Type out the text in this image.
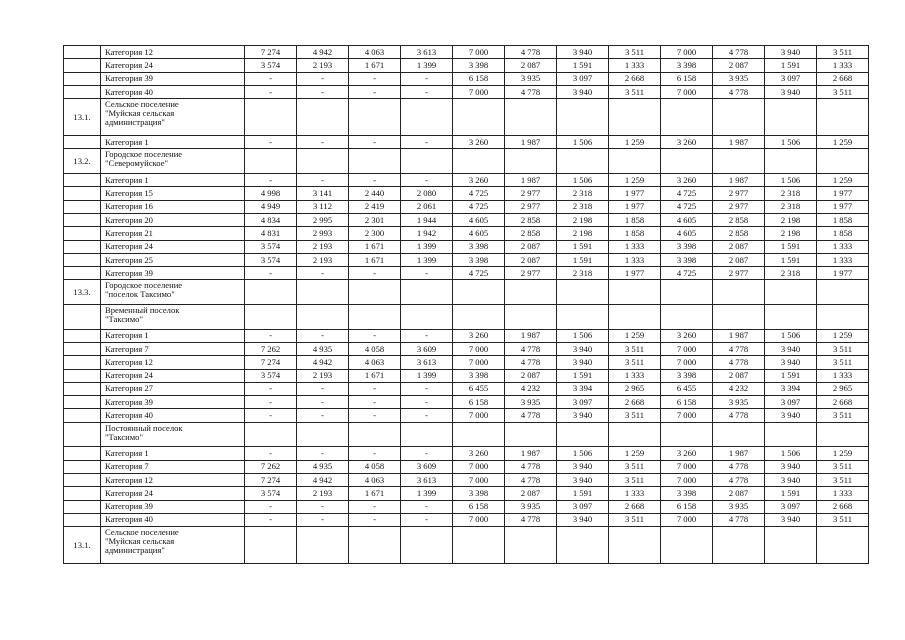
	Категория 12	7 274	4 942	4 063	3 613	7 000	4 778	3 940	3 511	7 000	4 778	3 940	3 511
	Категория 24	3 574	2 193	1 671	1 399	3 398	2 087	1 591	1 333	3 398	2 087	1 591	1 333
	Категория 39	-	-	-	-	6 158	3 935	3 097	2 668	6 158	3 935	3 097	2 668
	Категория 40	-	-	-	-	7 000	4 778	3 940	3 511	7 000	4 778	3 940	3 511
13.1.	Сельское поселение
"Муйская сельская
администрация"												
	Категория 1	-	-	-	-	3 260	1 987	1 506	1 259	3 260	1 987	1 506	1 259
13.2.	Городское поселение
"Северомуйское"												
	Категория 1	-	-	-	-	3 260	1 987	1 506	1 259	3 260	1 987	1 506	1 259
	Категория 15	4 998	3 141	2 440	2 080	4 725	2 977	2 318	1 977	4 725	2 977	2 318	1 977
	Категория 16	4 949	3 112	2 419	2 061	4 725	2 977	2 318	1 977	4 725	2 977	2 318	1 977
	Категория 20	4 834	2 995	2 301	1 944	4 605	2 858	2 198	1 858	4 605	2 858	2 198	1 858
	Категория 21	4 831	2 993	2 300	1 942	4 605	2 858	2 198	1 858	4 605	2 858	2 198	1 858
	Категория 24	3 574	2 193	1 671	1 399	3 398	2 087	1 591	1 333	3 398	2 087	1 591	1 333
	Категория 25	3 574	2 193	1 671	1 399	3 398	2 087	1 591	1 333	3 398	2 087	1 591	1 333
	Категория 39	-	-	-	-	4 725	2 977	2 318	1 977	4 725	2 977	2 318	1 977
13.3.	Городское поселение
"поселок Таксимо"												
	Временный поселок
"Таксимо"												
	Категория 1	-	-	-	-	3 260	1 987	1 506	1 259	3 260	1 987	1 506	1 259
	Категория 7	7 262	4 935	4 058	3 609	7 000	4 778	3 940	3 511	7 000	4 778	3 940	3 511
	Категория 12	7 274	4 942	4 063	3 613	7 000	4 778	3 940	3 511	7 000	4 778	3 940	3 511
	Категория 24	3 574	2 193	1 671	1 399	3 398	2 087	1 591	1 333	3 398	2 087	1 591	1 333
	Категория 27	-	-	-	-	6 455	4 232	3 394	2 965	6 455	4 232	3 394	2 965
	Категория 39	-	-	-	-	6 158	3 935	3 097	2 668	6 158	3 935	3 097	2 668
	Категория 40	-	-	-	-	7 000	4 778	3 940	3 511	7 000	4 778	3 940	3 511
	Постоянный поселок
"Таксимо"												
	Категория 1	-	-	-	-	3 260	1 987	1 506	1 259	3 260	1 987	1 506	1 259
	Категория 7	7 262	4 935	4 058	3 609	7 000	4 778	3 940	3 511	7 000	4 778	3 940	3 511
	Категория 12	7 274	4 942	4 063	3 613	7 000	4 778	3 940	3 511	7 000	4 778	3 940	3 511
	Категория 24	3 574	2 193	1 671	1 399	3 398	2 087	1 591	1 333	3 398	2 087	1 591	1 333
	Категория 39	-	-	-	-	6 158	3 935	3 097	2 668	6 158	3 935	3 097	2 668
	Категория 40	-	-	-	-	7 000	4 778	3 940	3 511	7 000	4 778	3 940	3 511
13.1.	Сельское поселение
"Муйская сельская
администрация"												
